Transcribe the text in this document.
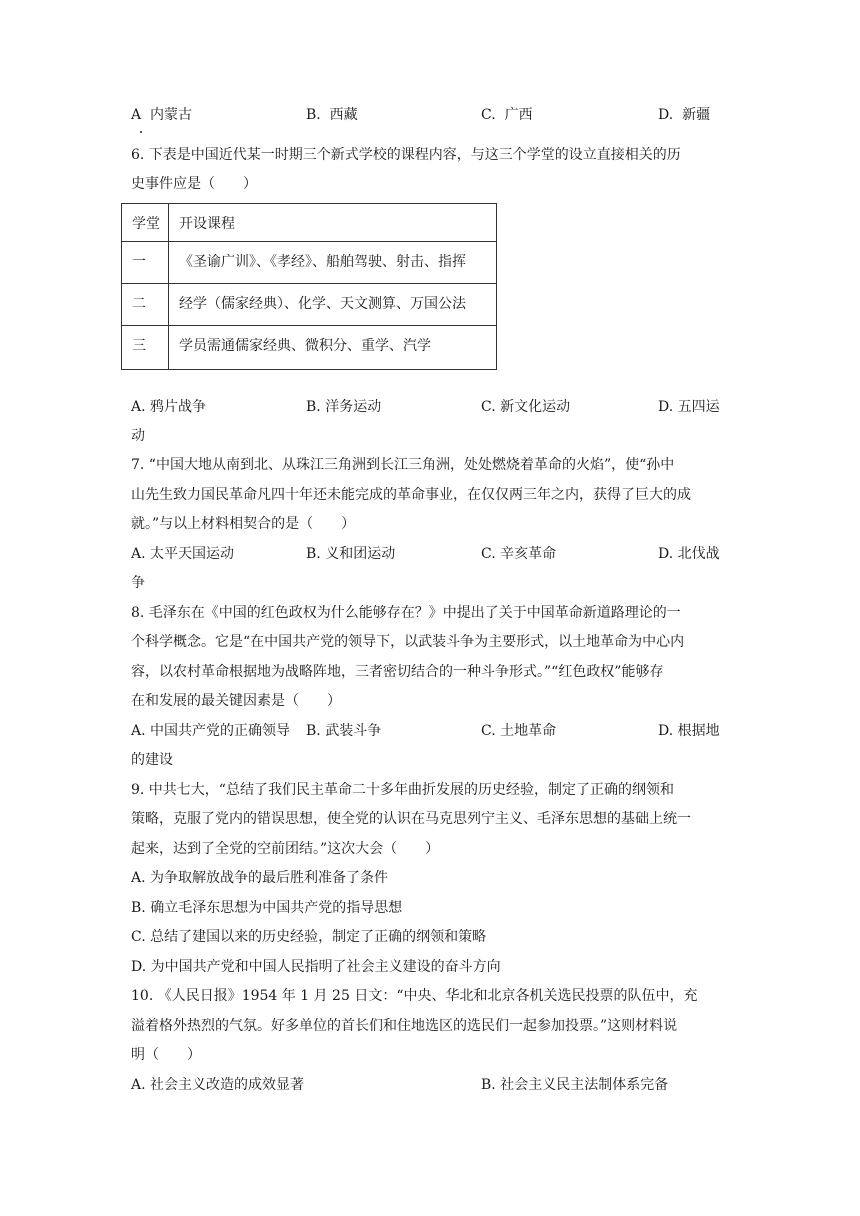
A 内蒙古	B. 西藏	C. 广西	D. 新疆
6. 下表是中国近代某一时期三个新式学校的课程内容，与这三个学堂的设立直接相关的历
史事件应是（　　）
学堂	开设课程
一	《圣谕广训》、《孝经》、船舶驾驶、射击、指挥
二	经学（儒家经典）、化学、天文测算、万国公法
三	学员需通儒家经典、微积分、重学、汽学
A. 鸦片战争	B. 洋务运动	C. 新文化运动	D. 五四运
动
7. “中国大地从南到北、从珠江三角洲到长江三角洲，处处燃烧着革命的火焰”，使“孙中
山先生致力国民革命凡四十年还未能完成的革命事业，在仅仅两三年之内，获得了巨大的成
就。”与以上材料相契合的是（　　）
A. 太平天国运动	B. 义和团运动	C. 辛亥革命	D. 北伐战
争
8. 毛泽东在《中国的红色政权为什么能够存在？》中提出了关于中国革命新道路理论的一
个科学概念。它是“在中国共产党的领导下，以武装斗争为主要形式，以土地革命为中心内
容，以农村革命根据地为战略阵地，三者密切结合的一种斗争形式。”“红色政权”能够存
在和发展的最关键因素是（　　）
A. 中国共产党的正确领导 B. 武装斗争	C. 土地革命	D. 根据地
的建设
9. 中共七大，“总结了我们民主革命二十多年曲折发展的历史经验，制定了正确的纲领和
策略，克服了党内的错误思想，使全党的认识在马克思列宁主义、毛泽东思想的基础上统一
起来，达到了全党的空前团结。”这次大会（　　）
A. 为争取解放战争的最后胜利准备了条件
B. 确立毛泽东思想为中国共产党的指导思想
C. 总结了建国以来的历史经验，制定了正确的纲领和策略
D. 为中国共产党和中国人民指明了社会主义建设的奋斗方向
10. 《人民日报》1954 年 1 月 25 日文：“中央、华北和北京各机关选民投票的队伍中，充
溢着格外热烈的气氛。好多单位的首长们和住地选区的选民们一起参加投票。”这则材料说
明（　　）
A. 社会主义改造的成效显著	B. 社会主义民主法制体系完备
